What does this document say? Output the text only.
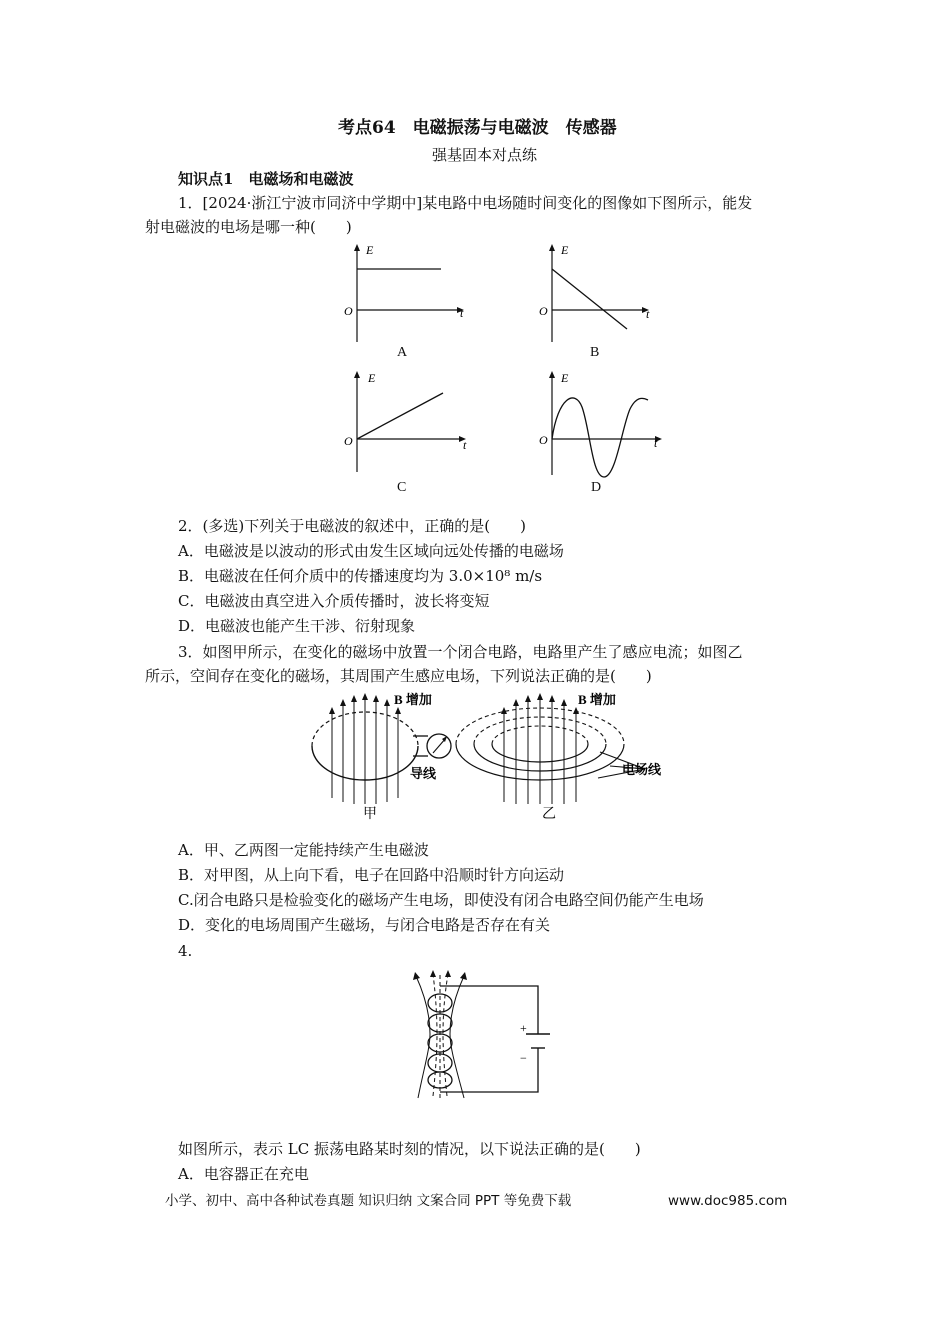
考点64　电磁振荡与电磁波　传感器
强基固本对点练
知识点1　电磁场和电磁波
1．[2024·浙江宁波市同济中学期中]某电路中电场随时间变化的图像如下图所示，能发
射电磁波的电场是哪一种(　　)
E
O	t
A
E
O	t
B
E
O	t
C
E
O	t
D
2．(多选)下列关于电磁波的叙述中，正确的是(　　)
A．电磁波是以波动的形式由发生区域向远处传播的电磁场
B．电磁波在任何介质中的传播速度均为 3.0×10⁸ m/s
C．电磁波由真空进入介质传播时，波长将变短
D．电磁波也能产生干涉、衍射现象
3．如图甲所示，在变化的磁场中放置一个闭合电路，电路里产生了感应电流；如图乙
所示，空间存在变化的磁场，其周围产生感应电场，下列说法正确的是(　　)
导线
B 增加
甲
电场线
B 增加
乙
A．甲、乙两图一定能持续产生电磁波
B．对甲图，从上向下看，电子在回路中沿顺时针方向运动
C.闭合电路只是检验变化的磁场产生电场，即使没有闭合电路空间仍能产生电场
D．变化的电场周围产生磁场，与闭合电路是否存在有关
4.
+
−
如图所示，表示 LC 振荡电路某时刻的情况，以下说法正确的是(　　)
A．电容器正在充电
小学、初中、高中各种试卷真题 知识归纳 文案合同 PPT 等免费下载	www.doc985.com
